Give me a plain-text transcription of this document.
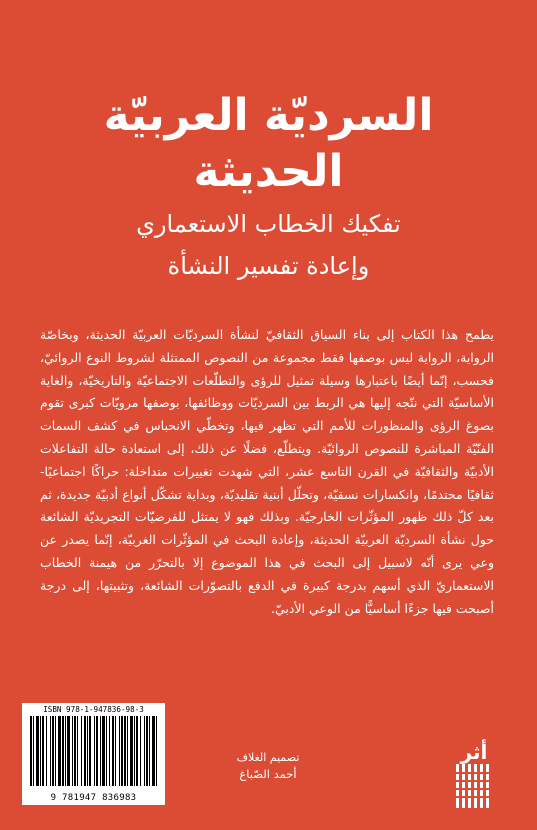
السرديّة العربيّة
الحديثة
تفكيك الخطاب الاستعماري
وإعادة تفسير النشأة

يطمح هذا الكتاب إلى بناء السياق الثقافيّ لنشأة السرديّات العربيّة الحديثة، وبخاصّة الرواية، الرواية ليس بوصفها فقط مجموعة من النصوص الممتثلة لشروط النوع الروائيّ، فحسب، إنّما أيضًا باعتبارها وسيلة تمثيل للرؤى والتطلّعات الاجتماعيّة والتاريخيّة، والغاية الأساسيّة التي نتّجه إليها هي الربط بين السرديّات ووظائفها، بوصفها مرويّات كبرى تقوم بصوغ الرؤى والمنظورات للأمم التي تظهر فيها، وتخطّي الانحباس في كشف السمات الفنّيّة المباشرة للنصوص الروائيّة. ويتطلّع، فضلًا عن ذلك، إلى استعادة حالة التفاعلات الأدبيّة والثقافيّة في القرن التاسع عشر، التي شهدت تغييرات متداخلة: حراكًا اجتماعيًا- ثقافيًا محتدمًا، وانكسارات نسقيّة، وتحلّل أبنية تقليديّة، وبداية تشكّل أنواع أدبيّة جديدة، ثم بعد كلّ ذلك ظهور المؤثّرات الخارجيّة. وبذلك فهو لا يمتثل للفرضيّات التجريديّة الشائعة حول نشأة السرديّة العربيّة الحديثة، وإعادة البحث في المؤثّرات الغربيّة، إنّما يصدر عن وعي يرى أنّه لاسبيل إلى البحث في هذا الموضوع إلا بالتحرّر من هيمنة الخطاب الاستعماريّ الذي أسهم بدرجة كبيرة في الدفع بالتصوّرات الشائعة، وتثبيتها، إلى درجة أصبحت فيها جزءًا أساسيًّا من الوعي الأدبيّ.

ISBN 978-1-947836-98-3
9 781947 836983
تصميم الغلاف
أحمد الصّباغ
أثر
